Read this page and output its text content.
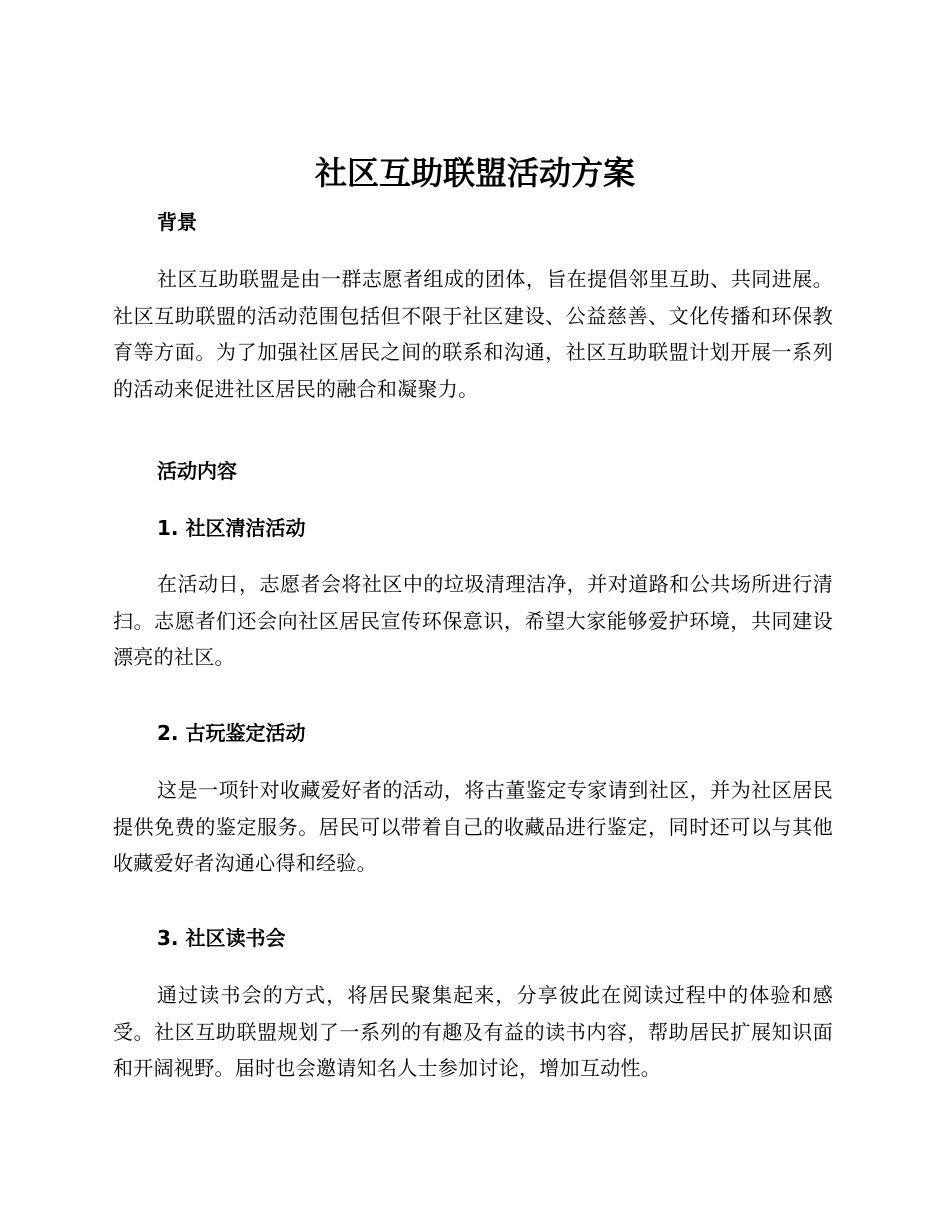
社区互助联盟活动方案
背景

社区互助联盟是由一群志愿者组成的团体，旨在提倡邻里互助、共同进展。社区互助联盟的活动范围包括但不限于社区建设、公益慈善、文化传播和环保教育等方面。为了加强社区居民之间的联系和沟通，社区互助联盟计划开展一系列的活动来促进社区居民的融合和凝聚力。

活动内容
1. 社区清洁活动

在活动日，志愿者会将社区中的垃圾清理洁净，并对道路和公共场所进行清扫。志愿者们还会向社区居民宣传环保意识，希望大家能够爱护环境，共同建设漂亮的社区。

2. 古玩鉴定活动

这是一项针对收藏爱好者的活动，将古董鉴定专家请到社区，并为社区居民提供免费的鉴定服务。居民可以带着自己的收藏品进行鉴定，同时还可以与其他收藏爱好者沟通心得和经验。

3. 社区读书会

通过读书会的方式，将居民聚集起来，分享彼此在阅读过程中的体验和感受。社区互助联盟规划了一系列的有趣及有益的读书内容，帮助居民扩展知识面和开阔视野。届时也会邀请知名人士参加讨论，增加互动性。
